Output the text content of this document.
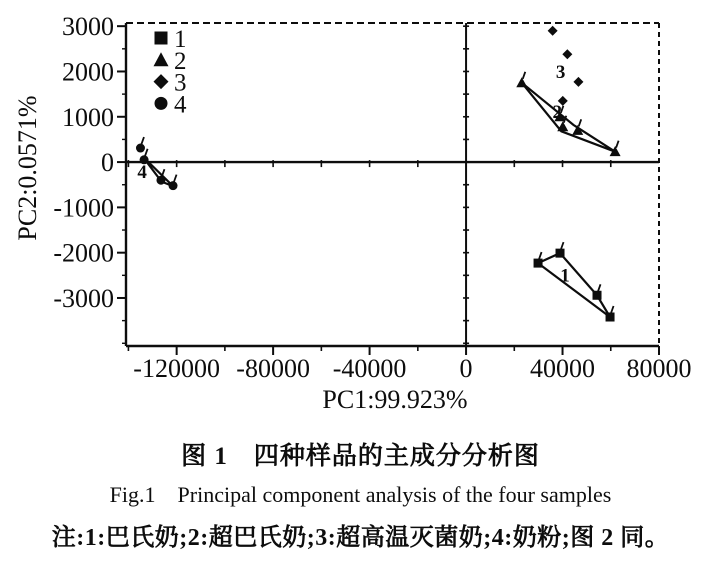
-120000 -80000 -40000 0 40000 80000
3000
2000
1000
0
-1000
-2000
-3000
PC1:99.923%
PC2:0.0571%
1
2
3
4
1
2
3
4
图 1　四种样品的主成分分析图
Fig.1　Principal component analysis of the four samples
注:1:巴氏奶;2:超巴氏奶;3:超高温灭菌奶;4:奶粉;图 2 同。
